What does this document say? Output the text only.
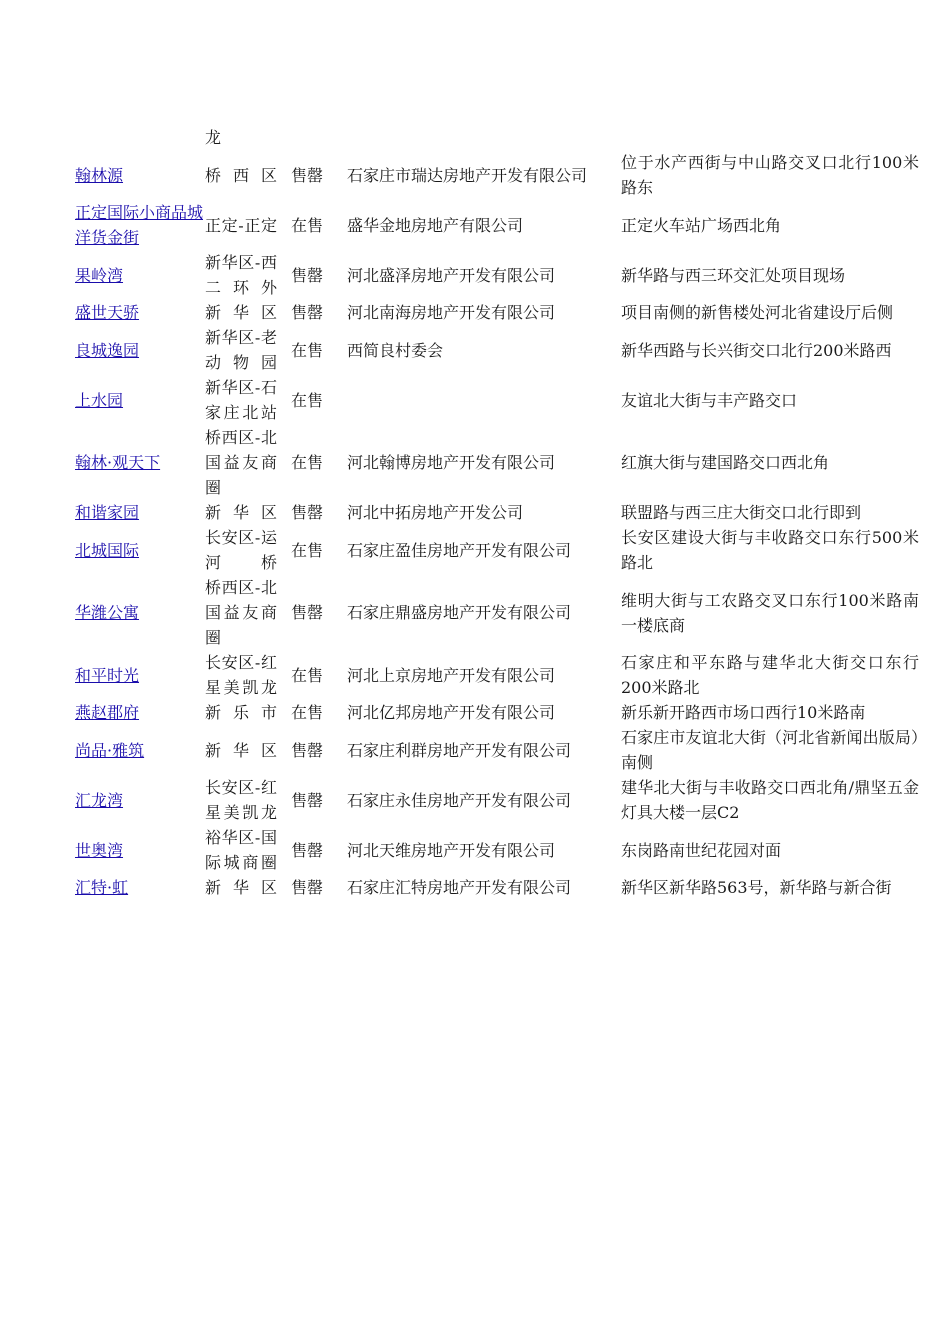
	龙			
翰林源	桥西区	售罄	石家庄市瑞达房地产开发有限公司	位于水产西街与中山路交叉口北行100米路东

正定国际小商品城洋货金街	正定-正定	在售	盛华金地房地产有限公司	正定火车站广场西北角

果岭湾	新华区-西二环外	售罄	河北盛泽房地产开发有限公司	新华路与西三环交汇处项目现场

盛世天骄	新华区	售罄	河北南海房地产开发有限公司	项目南侧的新售楼处河北省建设厅后侧

良城逸园	新华区-老动物园	在售	西简良村委会	新华西路与长兴街交口北行200米路西

上水园	新华区-石家庄北站	在售		友谊北大街与丰产路交口

翰林·观天下	桥西区-北国益友商圈	在售	河北翰博房地产开发有限公司	红旗大街与建国路交口西北角

和谐家园	新华区	售罄	河北中拓房地产开发公司	联盟路与西三庄大街交口北行即到

北城国际	长安区-运河桥	在售	石家庄盈佳房地产开发有限公司	长安区建设大街与丰收路交口东行500米路北

华潍公寓	桥西区-北国益友商圈	售罄	石家庄鼎盛房地产开发有限公司	维明大街与工农路交叉口东行100米路南一楼底商

和平时光	长安区-红星美凯龙	在售	河北上京房地产开发有限公司	石家庄和平东路与建华北大街交口东行200米路北

燕赵郡府	新乐市	在售	河北亿邦房地产开发有限公司	新乐新开路西市场口西行10米路南

尚品·雅筑	新华区	售罄	石家庄利群房地产开发有限公司	石家庄市友谊北大街（河北省新闻出版局）南侧

汇龙湾	长安区-红星美凯龙	售罄	石家庄永佳房地产开发有限公司	建华北大街与丰收路交口西北角/鼎坚五金灯具大楼一层C2

世奥湾	裕华区-国际城商圈	售罄	河北天维房地产开发有限公司	东岗路南世纪花园对面

汇特·虹	新华区	售罄	石家庄汇特房地产开发有限公司	新华区新华路563号，新华路与新合街
